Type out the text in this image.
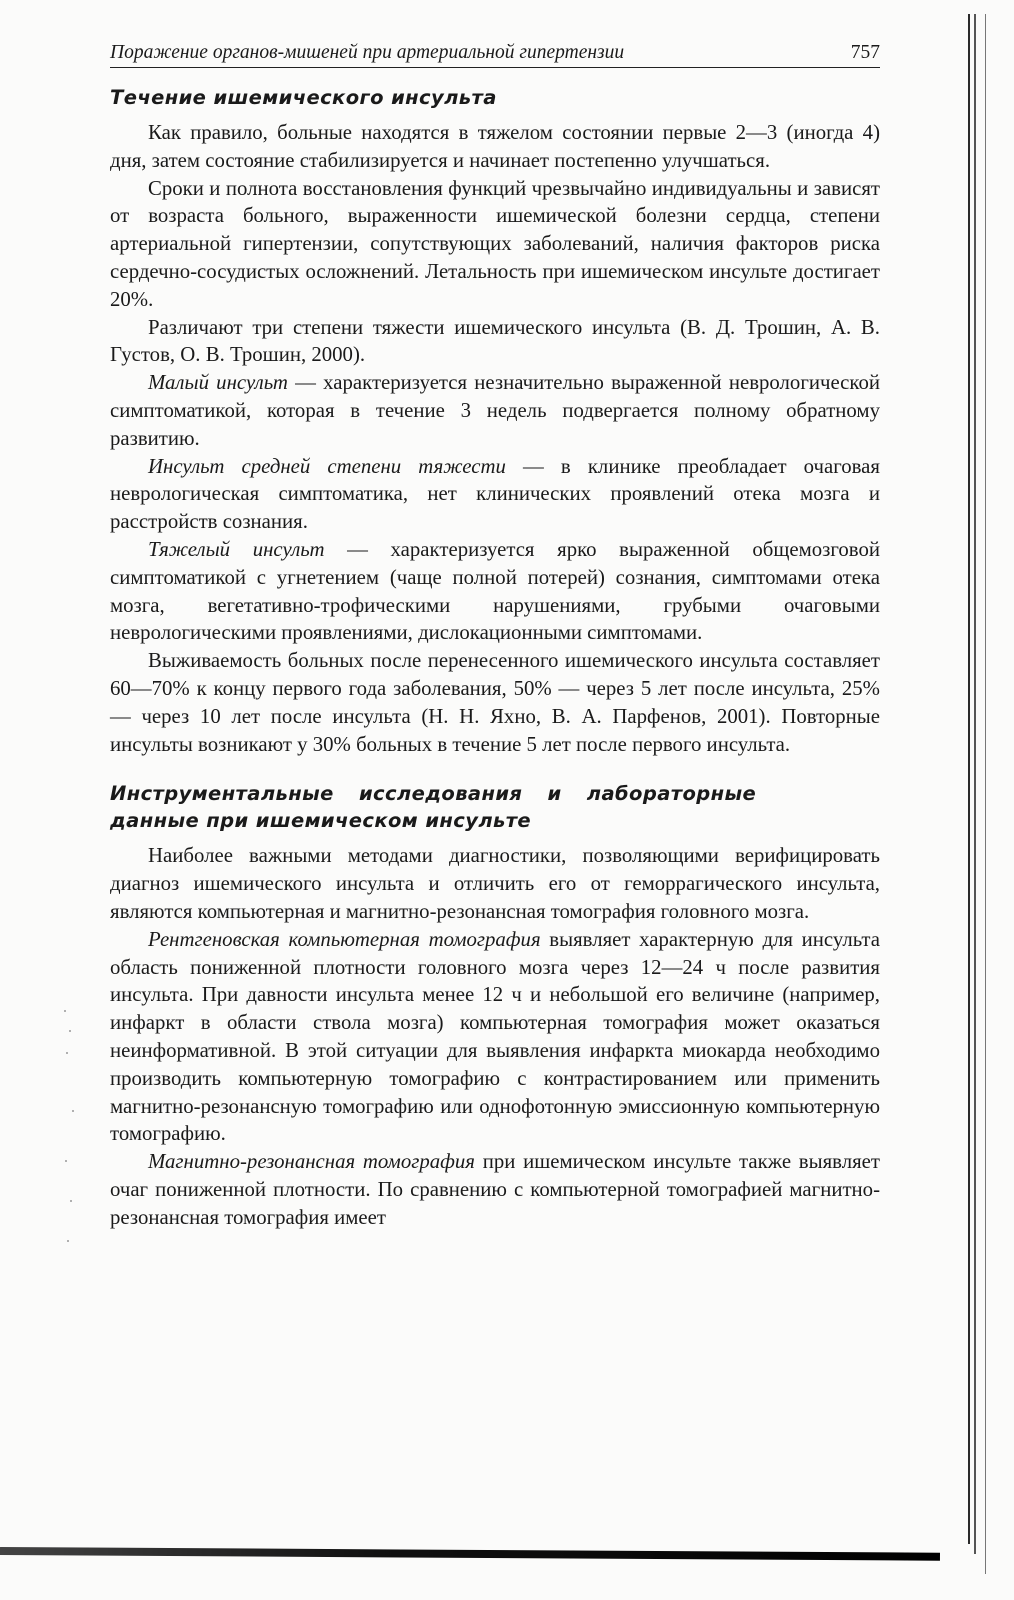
Поражение органов-мишеней при артериальной гипертензии	757
Течение ишемического инсульта

Как правило, больные находятся в тяжелом состоянии первые 2—3 (иногда 4) дня, затем состояние стабилизируется и начинает постепенно улучшаться.

Сроки и полнота восстановления функций чрезвычайно индивидуальны и зависят от возраста больного, выраженности ишемической болезни сердца, степени артериальной гипертензии, сопутствующих заболеваний, наличия факторов риска сердечно-сосудистых осложнений. Летальность при ишемическом инсульте достигает 20%.

Различают три степени тяжести ишемического инсульта (В. Д. Трошин, А. В. Густов, О. В. Трошин, 2000).

Малый инсульт — характеризуется незначительно выраженной неврологической симптоматикой, которая в течение 3 недель подвергается полному обратному развитию.

Инсульт средней степени тяжести — в клинике преобладает очаговая неврологическая симптоматика, нет клинических проявлений отека мозга и расстройств сознания.

Тяжелый инсульт — характеризуется ярко выраженной общемозговой симптоматикой с угнетением (чаще полной потерей) сознания, симптомами отека мозга, вегетативно-трофическими нарушениями, грубыми очаговыми неврологическими проявлениями, дислокационными симптомами.

Выживаемость больных после перенесенного ишемического инсульта составляет 60—70% к концу первого года заболевания, 50% — через 5 лет после инсульта, 25% — через 10 лет после инсульта (Н. Н. Яхно, В. А. Парфенов, 2001). Повторные инсульты возникают у 30% больных в течение 5 лет после первого инсульта.

Инструментальные исследования и лабораторные
данные при ишемическом инсульте

Наиболее важными методами диагностики, позволяющими верифицировать диагноз ишемического инсульта и отличить его от геморрагического инсульта, являются компьютерная и магнитно-резонансная томография головного мозга.

Рентгеновская компьютерная томография выявляет характерную для инсульта область пониженной плотности головного мозга через 12—24 ч после развития инсульта. При давности инсульта менее 12 ч и небольшой его величине (например, инфаркт в области ствола мозга) компьютерная томография может оказаться неинформативной. В этой ситуации для выявления инфаркта миокарда необходимо производить компьютерную томографию с контрастированием или применить магнитно-резонансную томографию или однофотонную эмиссионную компьютерную томографию.

Магнитно-резонансная томография при ишемическом инсульте также выявляет очаг пониженной плотности. По сравнению с компьютерной томографией магнитно-резонансная томография имеет
